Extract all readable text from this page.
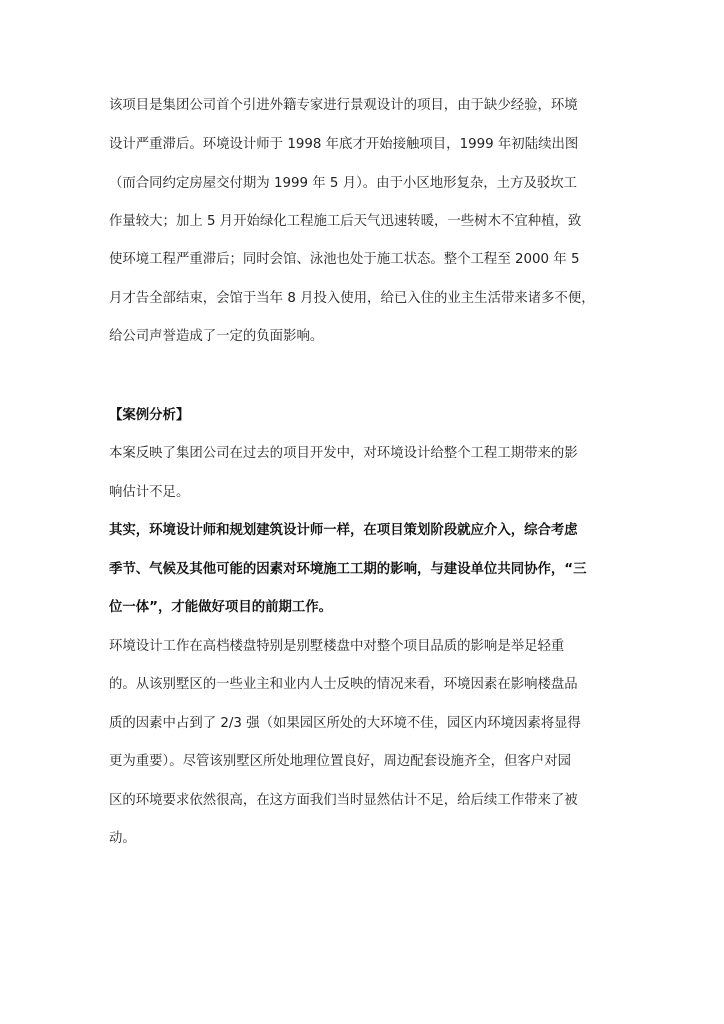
该项目是集团公司首个引进外籍专家进行景观设计的项目，由于缺少经验，环境
设计严重滞后。环境设计师于 1998 年底才开始接触项目，1999 年初陆续出图
（而合同约定房屋交付期为 1999 年 5 月）。由于小区地形复杂，土方及驳坎工
作量较大；加上 5 月开始绿化工程施工后天气迅速转暖，一些树木不宜种植，致
使环境工程严重滞后；同时会馆、泳池也处于施工状态。整个工程至 2000 年 5
月才告全部结束，会馆于当年 8 月投入使用，给已入住的业主生活带来诸多不便，
给公司声誉造成了一定的负面影响。
【案例分析】
本案反映了集团公司在过去的项目开发中，对环境设计给整个工程工期带来的影
响估计不足。
其实，环境设计师和规划建筑设计师一样，在项目策划阶段就应介入，综合考虑
季节、气候及其他可能的因素对环境施工工期的影响，与建设单位共同协作，“三
位一体”，才能做好项目的前期工作。
环境设计工作在高档楼盘特别是别墅楼盘中对整个项目品质的影响是举足轻重
的。从该别墅区的一些业主和业内人士反映的情况来看，环境因素在影响楼盘品
质的因素中占到了 2/3 强（如果园区所处的大环境不佳，园区内环境因素将显得
更为重要）。尽管该别墅区所处地理位置良好，周边配套设施齐全，但客户对园
区的环境要求依然很高，在这方面我们当时显然估计不足，给后续工作带来了被
动。
